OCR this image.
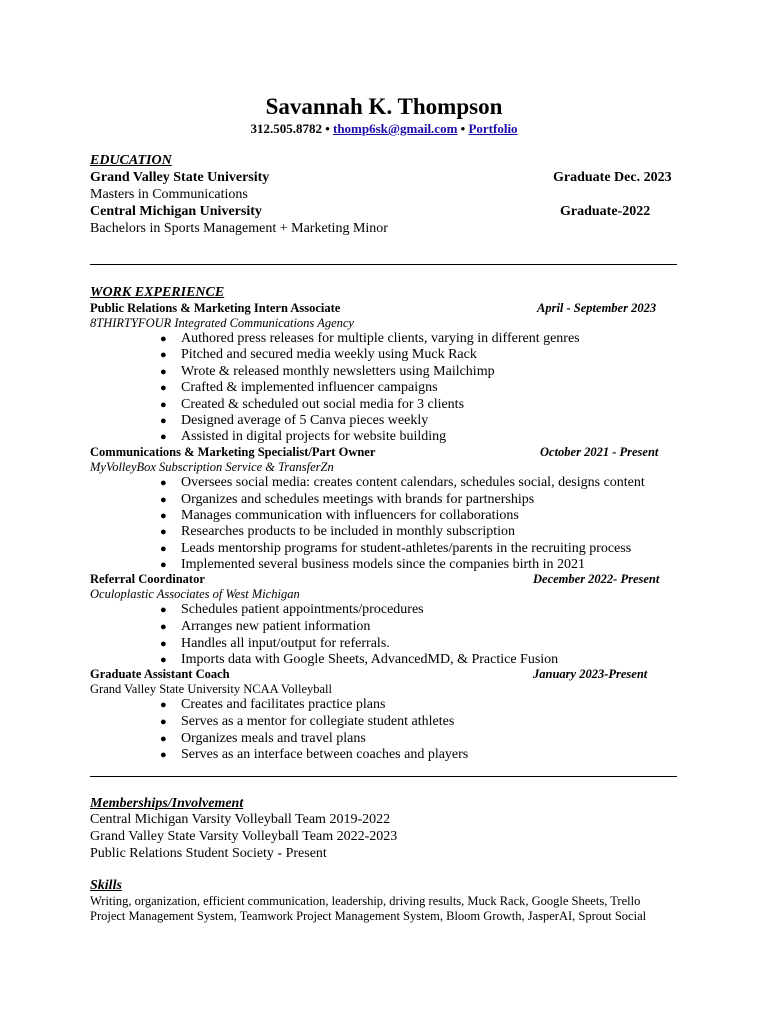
Savannah K. Thompson
312.505.8782 • thomp6sk@gmail.com • Portfolio
EDUCATION
Grand Valley State University	Graduate Dec. 2023
Masters in Communications
Central Michigan University	Graduate-2022
Bachelors in Sports Management + Marketing Minor
WORK EXPERIENCE
Public Relations & Marketing Intern Associate	April - September 2023
8THIRTYFOUR Integrated Communications Agency
● Authored press releases for multiple clients, varying in different genres
● Pitched and secured media weekly using Muck Rack
● Wrote & released monthly newsletters using Mailchimp
● Crafted & implemented influencer campaigns
● Created & scheduled out social media for 3 clients
● Designed average of 5 Canva pieces weekly
● Assisted in digital projects for website building
Communications & Marketing Specialist/Part Owner	October 2021 - Present
MyVolleyBox Subscription Service & TransferZn
● Oversees social media: creates content calendars, schedules social, designs content
● Organizes and schedules meetings with brands for partnerships
● Manages communication with influencers for collaborations
● Researches products to be included in monthly subscription
● Leads mentorship programs for student-athletes/parents in the recruiting process
● Implemented several business models since the companies birth in 2021
Referral Coordinator	December 2022- Present
Oculoplastic Associates of West Michigan
● Schedules patient appointments/procedures
● Arranges new patient information
● Handles all input/output for referrals.
● Imports data with Google Sheets, AdvancedMD, & Practice Fusion
Graduate Assistant Coach	January 2023-Present
Grand Valley State University NCAA Volleyball
● Creates and facilitates practice plans
● Serves as a mentor for collegiate student athletes
● Organizes meals and travel plans
● Serves as an interface between coaches and players
Memberships/Involvement
Central Michigan Varsity Volleyball Team 2019-2022
Grand Valley State Varsity Volleyball Team 2022-2023
Public Relations Student Society - Present
Skills
Writing, organization, efficient communication, leadership, driving results, Muck Rack, Google Sheets, Trello
Project Management System, Teamwork Project Management System, Bloom Growth, JasperAI, Sprout Social
